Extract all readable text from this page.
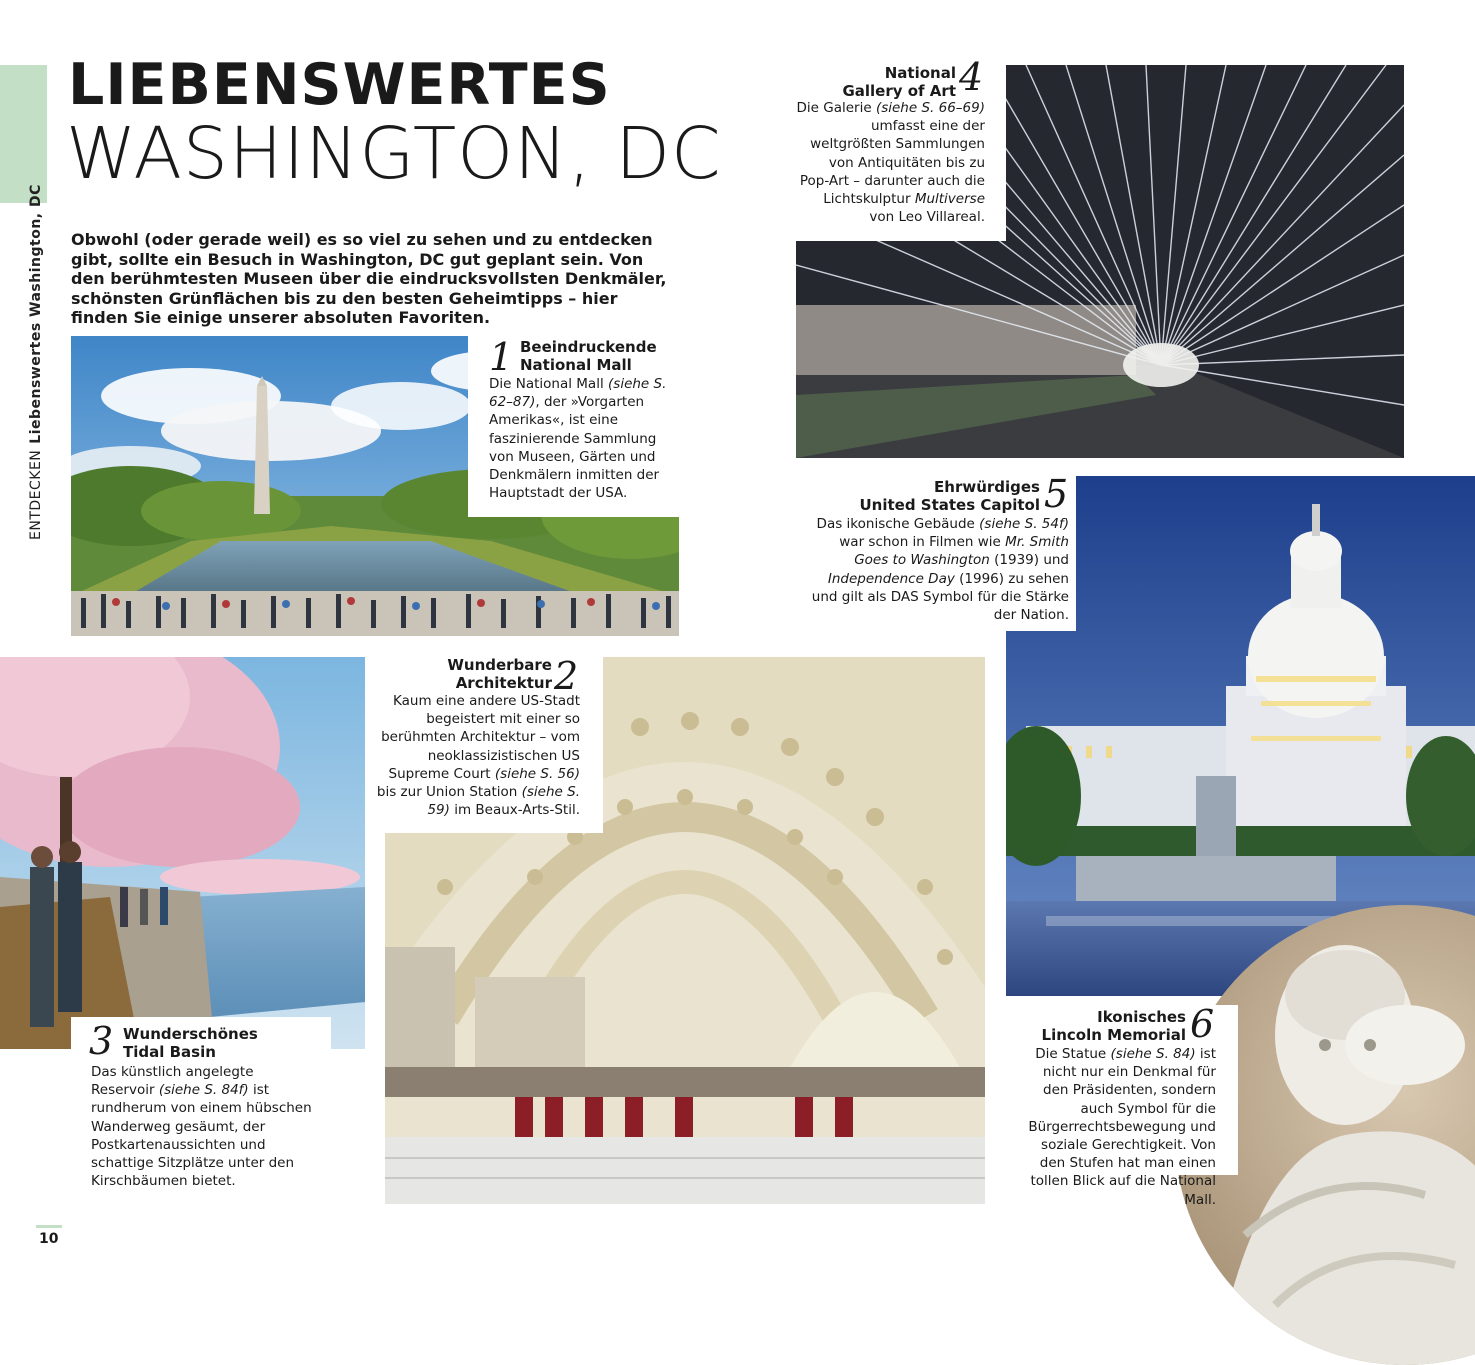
ENTDECKENLiebenswertes Washington, DC
LIEBENSWERTES
WASHINGTON, DC
Obwohl (oder gerade weil) es so viel zu sehen und zu entdecken gibt, sollte ein Besuch in Washington, DC gut geplant sein. Von den berühmtesten Museen über die eindrucksvollsten Denkmäler, schönsten Grünflächen bis zu den besten Geheimtipps – hier finden Sie einige unserer absoluten Favoriten.
1 Beeindruckende
National Mall

Die National Mall (siehe S. 62–87), der »Vorgarten Amerikas«, ist eine faszinierende Sammlung von Museen, Gärten und Denkmälern inmitten der Hauptstadt der USA.

National
Gallery of Art 4

Die Galerie (siehe S. 66–69) umfasst eine der weltgrößten Sammlungen von Antiquitäten bis zu Pop-Art – darunter auch die Lichtskulptur Multiverse von Leo Villareal.

Ehrwürdiges
United States Capitol 5

Das ikonische Gebäude (siehe S. 54f) war schon in Filmen wie Mr. Smith Goes to Washington (1939) und Independence Day (1996) zu sehen und gilt als DAS Symbol für die Stärke der Nation.

3 Wunderschönes
Tidal Basin

Das künstlich angelegte Reservoir (siehe S. 84f) ist rundherum von einem hübschen Wanderweg gesäumt, der Postkartenaussichten und schattige Sitzplätze unter den Kirschbäumen bietet.

Wunderbare
Architektur 2

Kaum eine andere US-Stadt begeistert mit einer so berühmten Architektur – vom neoklassizistischen US Supreme Court (siehe S. 56) bis zur Union Station (siehe S. 59) im Beaux-Arts-Stil.

Ikonisches
Lincoln Memorial 6

Die Statue (siehe S. 84) ist nicht nur ein Denkmal für den Präsidenten, sondern auch Symbol für die Bürgerrechtsbewegung und soziale Gerechtigkeit. Von den Stufen hat man einen tollen Blick auf die National Mall.

10
